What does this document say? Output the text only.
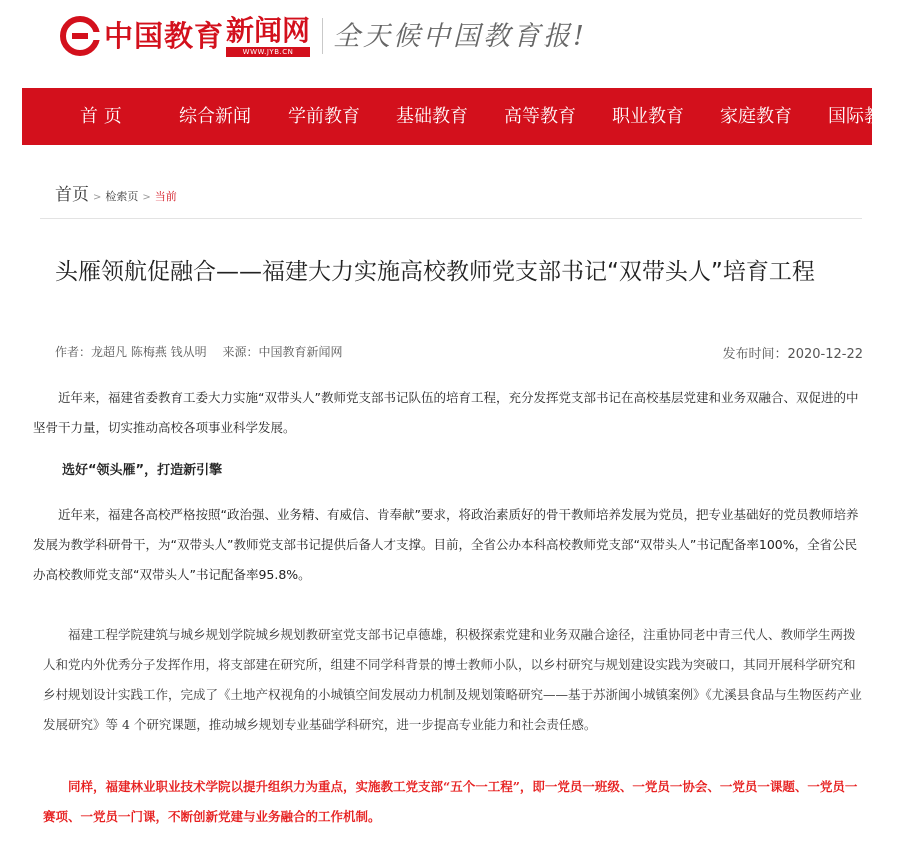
中国教育 新闻网
WWW.JYB.CN	全天候中国教育报!
首 页	综合新闻 学前教育 基础教育 高等教育 职业教育 家庭教育 国际教育
首页 > 检索页 > 当前
头雁领航促融合——福建大力实施高校教师党支部书记“双带头人”培育工程
作者：龙超凡 陈梅燕 钱从明 来源：中国教育新闻网	发布时间：2020-12-22

近年来，福建省委教育工委大力实施“双带头人”教师党支部书记队伍的培育工程，充分发挥党支部书记在高校基层党建和业务双融合、双促进的中坚骨干力量，切实推动高校各项事业科学发展。

选好“领头雁”，打造新引擎

近年来，福建各高校严格按照“政治强、业务精、有威信、肯奉献”要求，将政治素质好的骨干教师培养发展为党员，把专业基础好的党员教师培养发展为教学科研骨干，为“双带头人”教师党支部书记提供后备人才支撑。目前，全省公办本科高校教师党支部“双带头人”书记配备率100%，全省公民办高校教师党支部“双带头人”书记配备率95.8%。

福建工程学院建筑与城乡规划学院城乡规划教研室党支部书记卓德雄，积极探索党建和业务双融合途径，注重协同老中青三代人、教师学生两拨人和党内外优秀分子发挥作用，将支部建在研究所，组建不同学科背景的博士教师小队，以乡村研究与规划建设实践为突破口，其同开展科学研究和乡村规划设计实践工作，完成了《土地产权视角的小城镇空间发展动力机制及规划策略研究——基于苏浙闽小城镇案例》《尤溪县食品与生物医药产业发展研究》等 4 个研究课题，推动城乡规划专业基础学科研究，进一步提高专业能力和社会责任感。

同样，福建林业职业技术学院以提升组织力为重点，实施教工党支部“五个一工程”，即一党员一班级、一党员一协会、一党员一课题、一党员一赛项、一党员一门课，不断创新党建与业务融合的工作机制。
